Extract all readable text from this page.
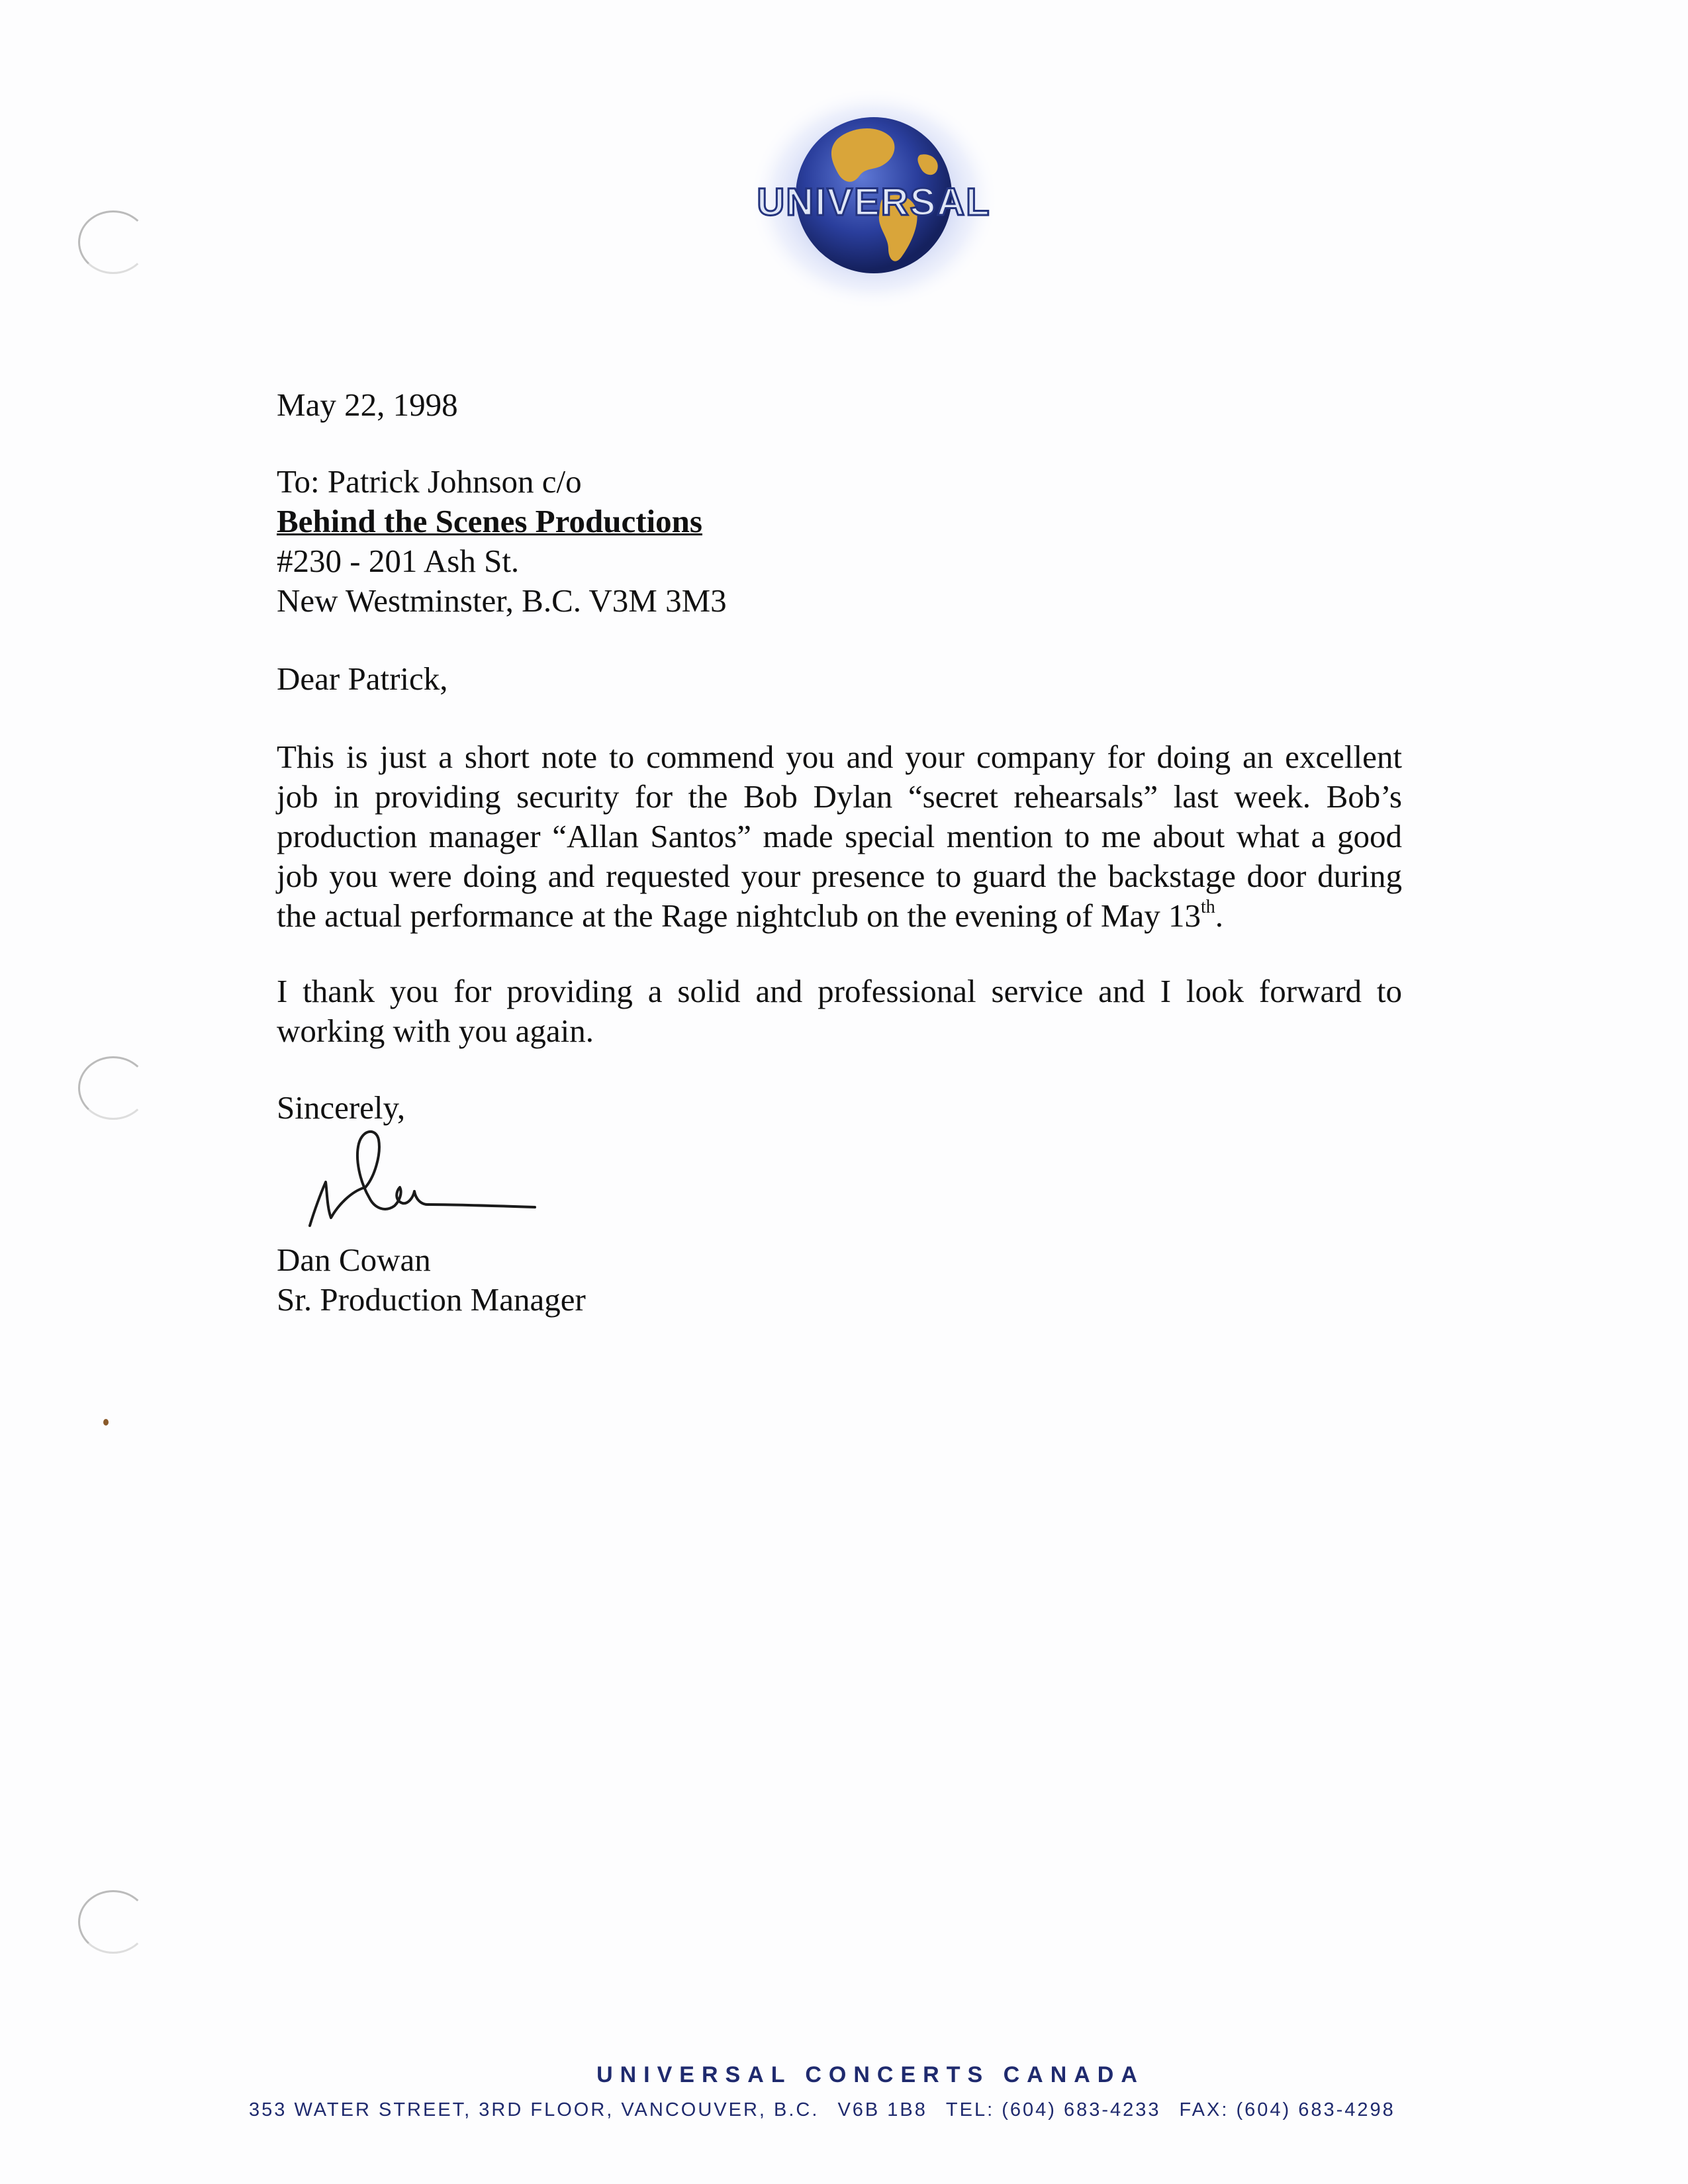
UNIVERSAL
May 22, 1998
To: Patrick Johnson c/o
Behind the Scenes Productions
#230 - 201 Ash St.
New Westminster, B.C. V3M 3M3
Dear Patrick,
This is just a short note to commend you and your company for doing an excellent
job in providing security for the Bob Dylan “secret rehearsals” last week. Bob’s
production manager “Allan Santos” made special mention to me about what a good
job you were doing and requested your presence to guard the backstage door during
the actual performance at the Rage nightclub on the evening of May 13th.
I thank you for providing a solid and professional service and I look forward to
working with you again.
Sincerely,
Dan Cowan
Sr. Production Manager
UNIVERSAL CONCERTS CANADA
353 WATER STREET, 3RD FLOOR, VANCOUVER, B.C. V6B 1B8 TEL: (604) 683-4233 FAX: (604) 683-4298
